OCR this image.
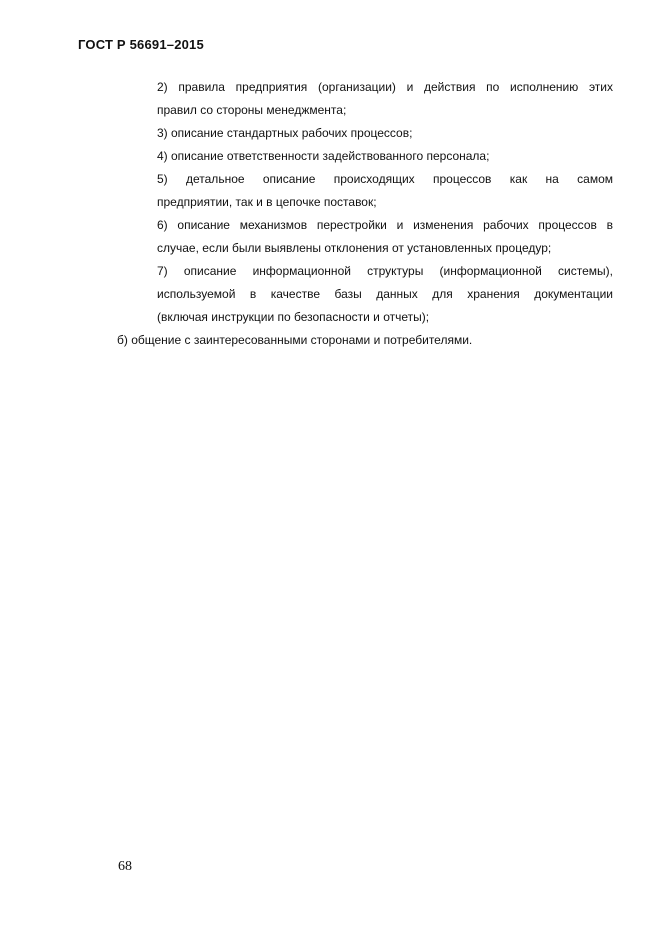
ГОСТ Р 56691–2015

2) правила предприятия (организации) и действия по исполнению этих
правил со стороны менеджмента;

3) описание стандартных рабочих процессов;

4) описание ответственности задействованного персонала;

5) детальное описание происходящих процессов как на самом
предприятии, так и в цепочке поставок;

6) описание механизмов перестройки и изменения рабочих процессов в
случае, если были выявлены отклонения от установленных процедур;

7) описание информационной структуры (информационной системы),
используемой в качестве базы данных для хранения документации
(включая инструкции по безопасности и отчеты);

б) общение с заинтересованными сторонами и потребителями.

68
